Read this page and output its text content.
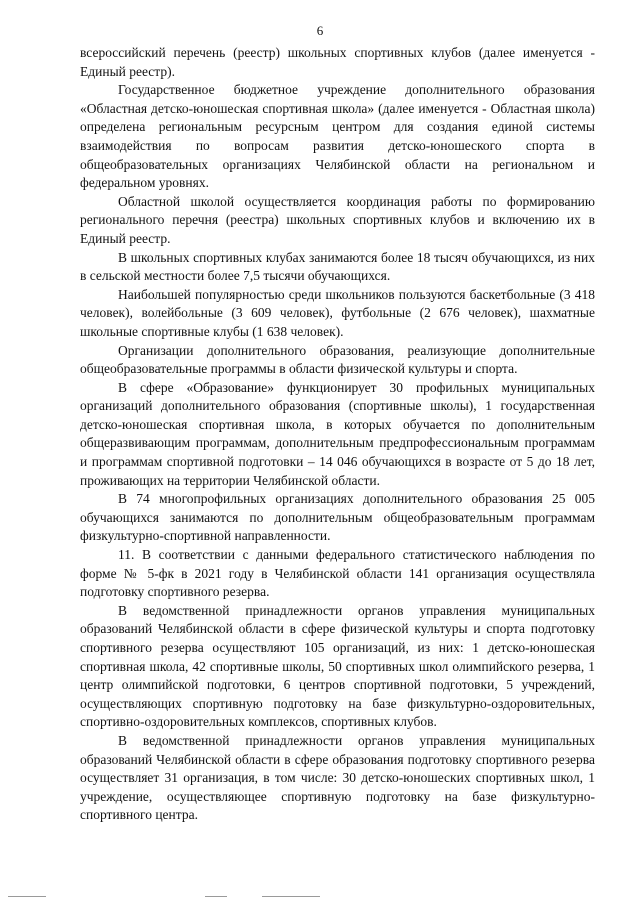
6

всероссийский перечень (реестр) школьных спортивных клубов (далее именуется - Единый реестр).

Государственное бюджетное учреждение дополнительного образования «Областная детско-юношеская спортивная школа» (далее именуется - Областная школа) определена региональным ресурсным центром для создания единой системы взаимодействия по вопросам развития детско-юношеского спорта в общеобразовательных организациях Челябинской области на региональном и федеральном уровнях.

Областной школой осуществляется координация работы по формированию регионального перечня (реестра) школьных спортивных клубов и включению их в Единый реестр.

В школьных спортивных клубах занимаются более 18 тысяч обучающихся, из них в сельской местности более 7,5 тысячи обучающихся.

Наибольшей популярностью среди школьников пользуются баскетбольные (3 418 человек), волейбольные (3 609 человек), футбольные (2 676 человек), шахматные школьные спортивные клубы (1 638 человек).

Организации дополнительного образования, реализующие дополнительные общеобразовательные программы в области физической культуры и спорта.

В сфере «Образование» функционирует 30 профильных муниципальных организаций дополнительного образования (спортивные школы), 1 государственная детско-юношеская спортивная школа, в которых обучается по дополнительным общеразвивающим программам, дополнительным предпрофессиональным программам и программам спортивной подготовки – 14 046 обучающихся в возрасте от 5 до 18 лет, проживающих на территории Челябинской области.

В 74 многопрофильных организациях дополнительного образования 25 005 обучающихся занимаются по дополнительным общеобразовательным программам физкультурно-спортивной направленности.

11. В соответствии с данными федерального статистического наблюдения по форме № 5-фк в 2021 году в Челябинской области 141 организация осуществляла подготовку спортивного резерва.

В ведомственной принадлежности органов управления муниципальных образований Челябинской области в сфере физической культуры и спорта подготовку спортивного резерва осуществляют 105 организаций, из них: 1 детско-юношеская спортивная школа, 42 спортивные школы, 50 спортивных школ олимпийского резерва, 1 центр олимпийской подготовки, 6 центров спортивной подготовки, 5 учреждений, осуществляющих спортивную подготовку на базе физкультурно-оздоровительных, спортивно-оздоровительных комплексов, спортивных клубов.

В ведомственной принадлежности органов управления муниципальных образований Челябинской области в сфере образования подготовку спортивного резерва осуществляет 31 организация, в том числе: 30 детско-юношеских спортивных школ, 1 учреждение, осуществляющее спортивную подготовку на базе физкультурно-спортивного центра.
